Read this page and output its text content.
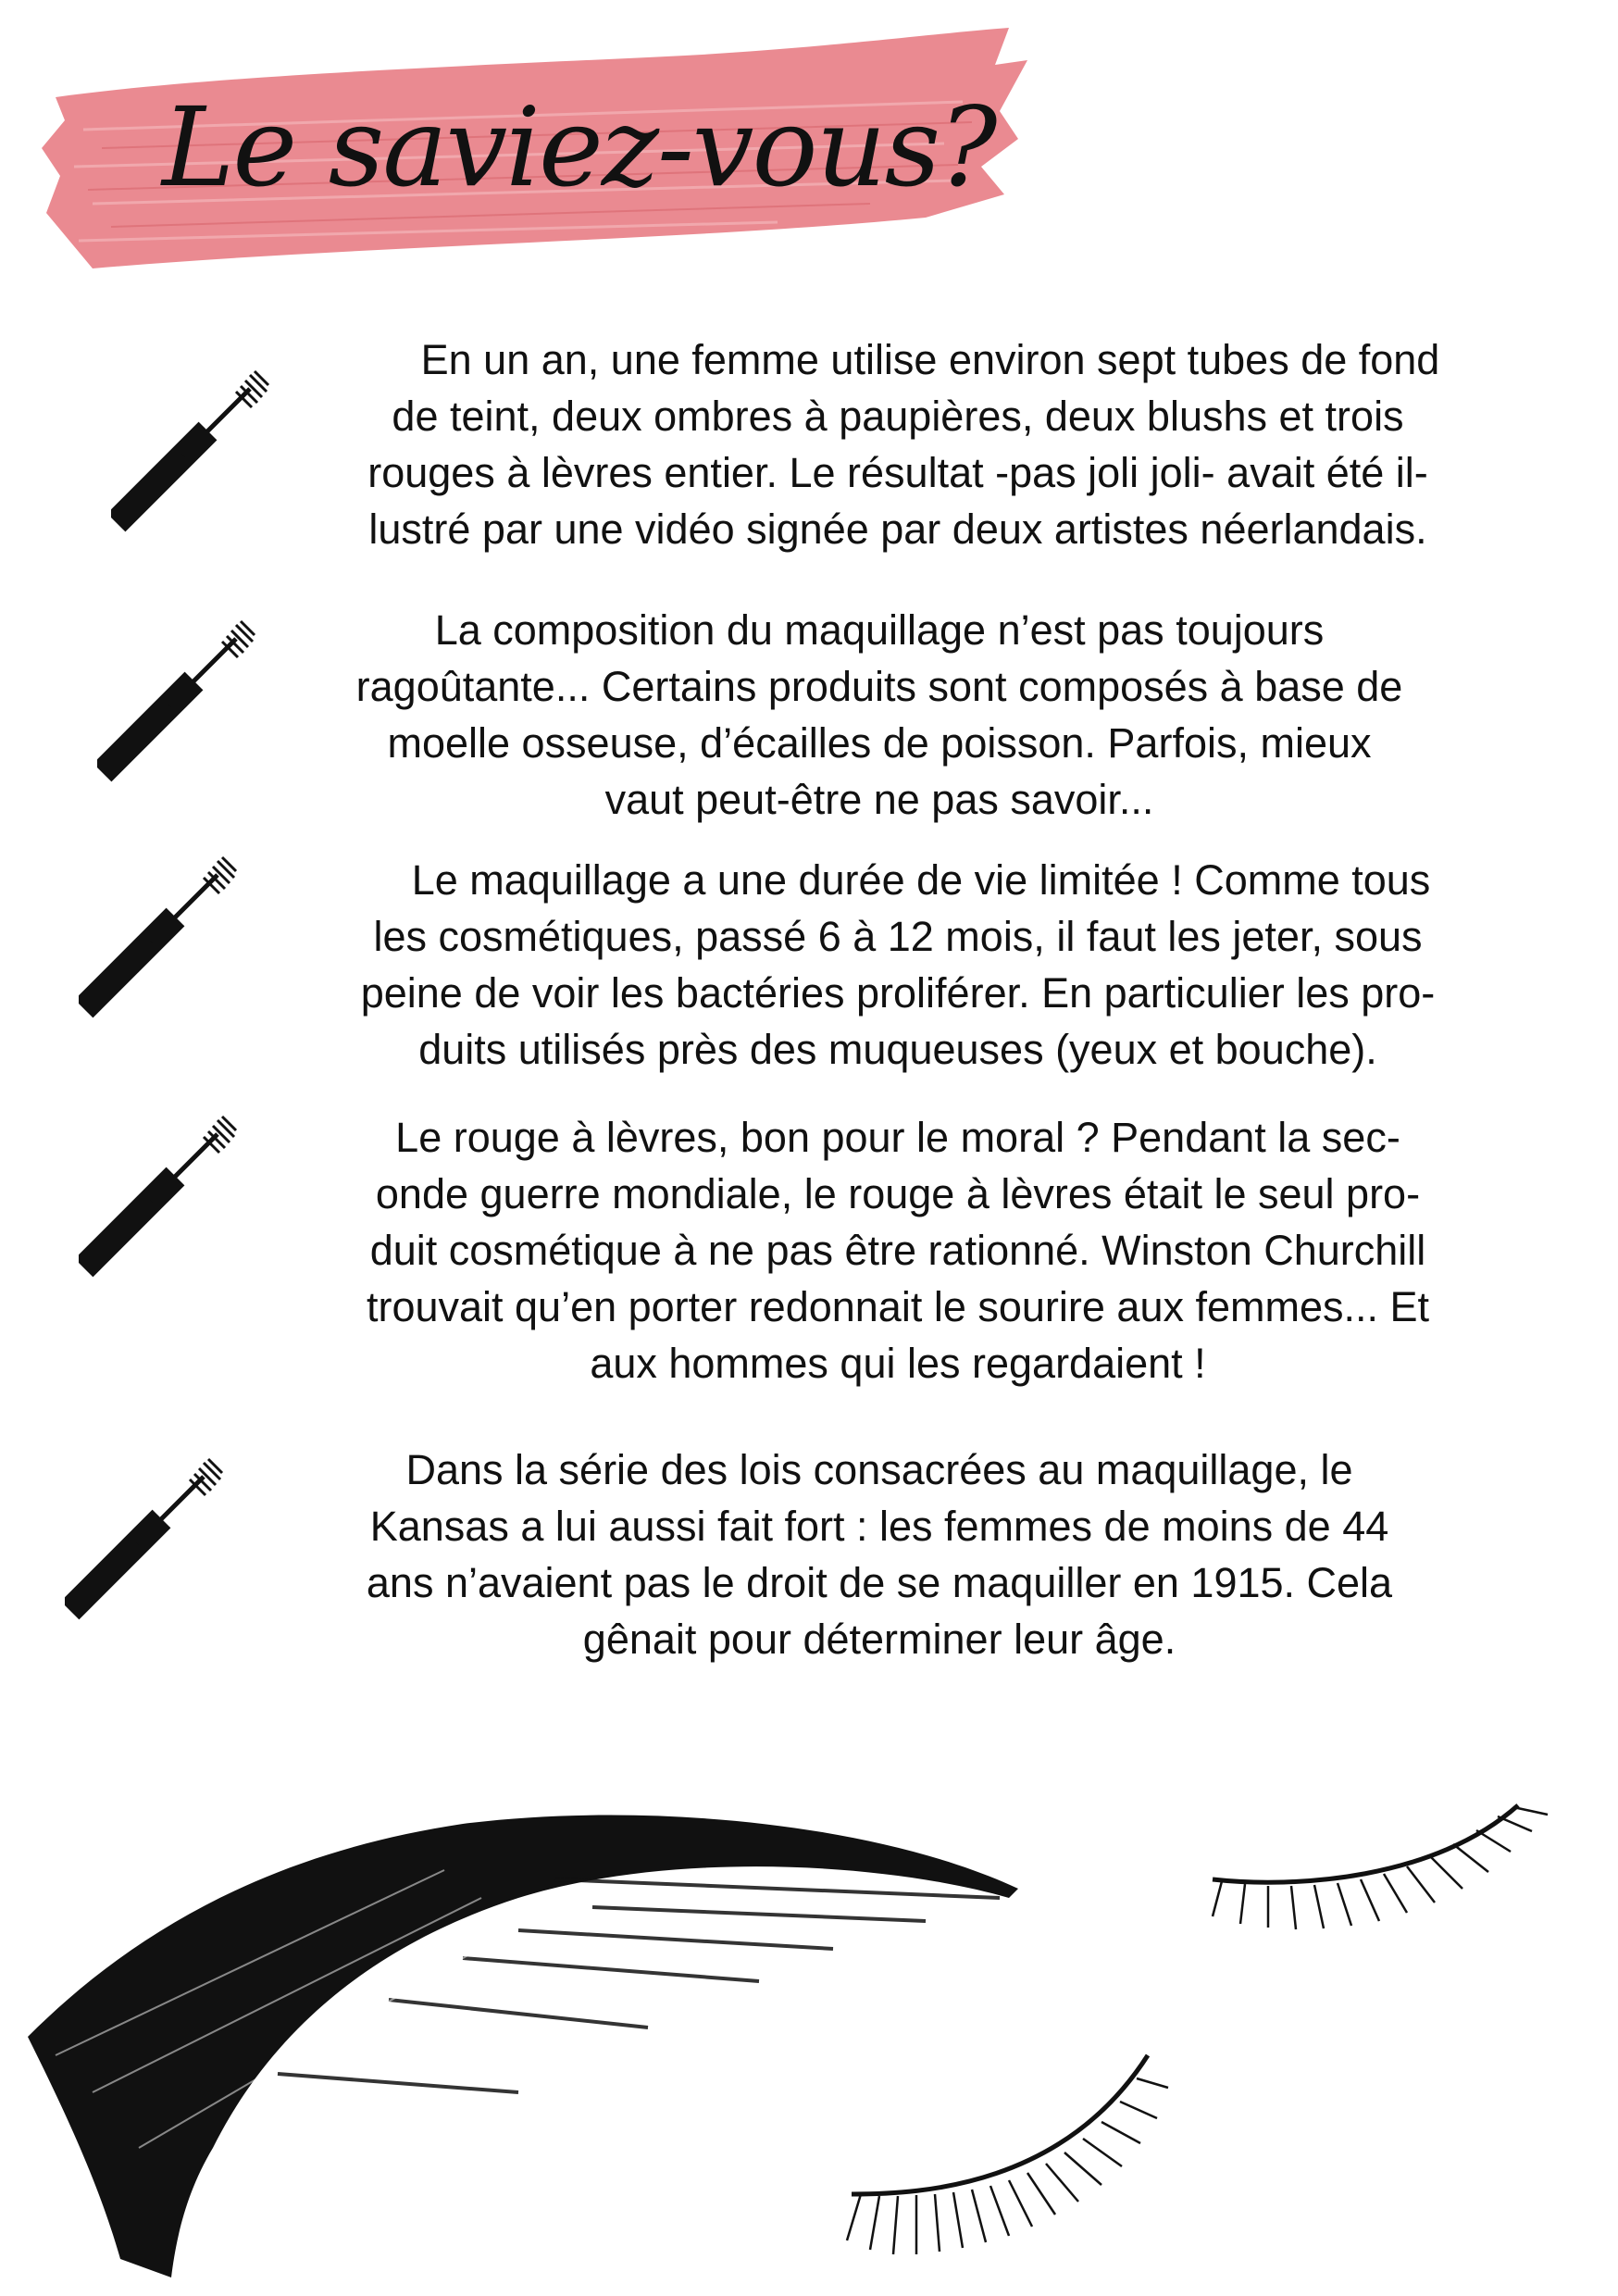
Le saviez-vous?
En un an, une femme utilise environ sept tubes de fond
de teint, deux ombres à paupières, deux blushs et trois
rouges à lèvres entier. Le résultat -pas joli joli- avait été il-
lustré par une vidéo signée par deux artistes néerlandais.
La composition du maquillage n’est pas toujours
ragoûtante... Certains produits sont composés à base de
moelle osseuse, d’écailles de poisson. Parfois, mieux
vaut peut-être ne pas savoir...
Le maquillage a une durée de vie limitée ! Comme tous
les cosmétiques, passé 6 à 12 mois, il faut les jeter, sous
peine de voir les bactéries proliférer. En particulier les pro-
duits utilisés près des muqueuses (yeux et bouche).
Le rouge à lèvres, bon pour le moral ? Pendant la sec-
onde guerre mondiale, le rouge à lèvres était le seul pro-
duit cosmétique à ne pas être rationné. Winston Churchill
trouvait qu’en porter redonnait le sourire aux femmes... Et
aux hommes qui les regardaient !
Dans la série des lois consacrées au maquillage, le
Kansas a lui aussi fait fort : les femmes de moins de 44
ans n’avaient pas le droit de se maquiller en 1915. Cela
gênait pour déterminer leur âge.
